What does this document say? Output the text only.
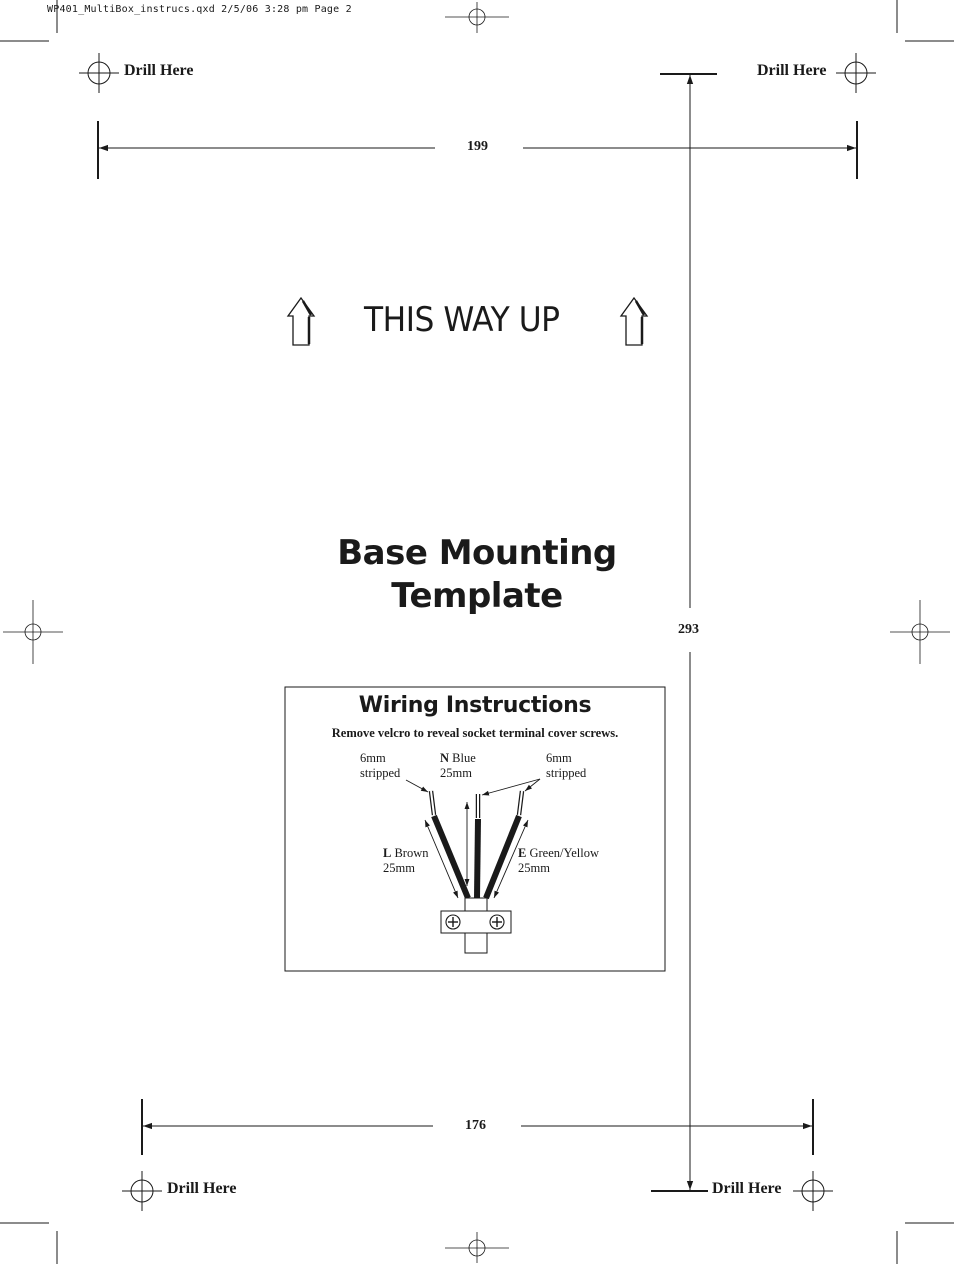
WP401_MultiBox_instrucs.qxd 2/5/06 3:28 pm Page 2
Drill Here	Drill Here
Drill Here	Drill Here
199
293
176
THIS WAY UP
Base Mounting
Template
Wiring Instructions
Remove velcro to reveal socket terminal cover screws.
6mm
stripped
N Blue
25mm
6mm
stripped
L Brown
25mm
E Green/Yellow
25mm
